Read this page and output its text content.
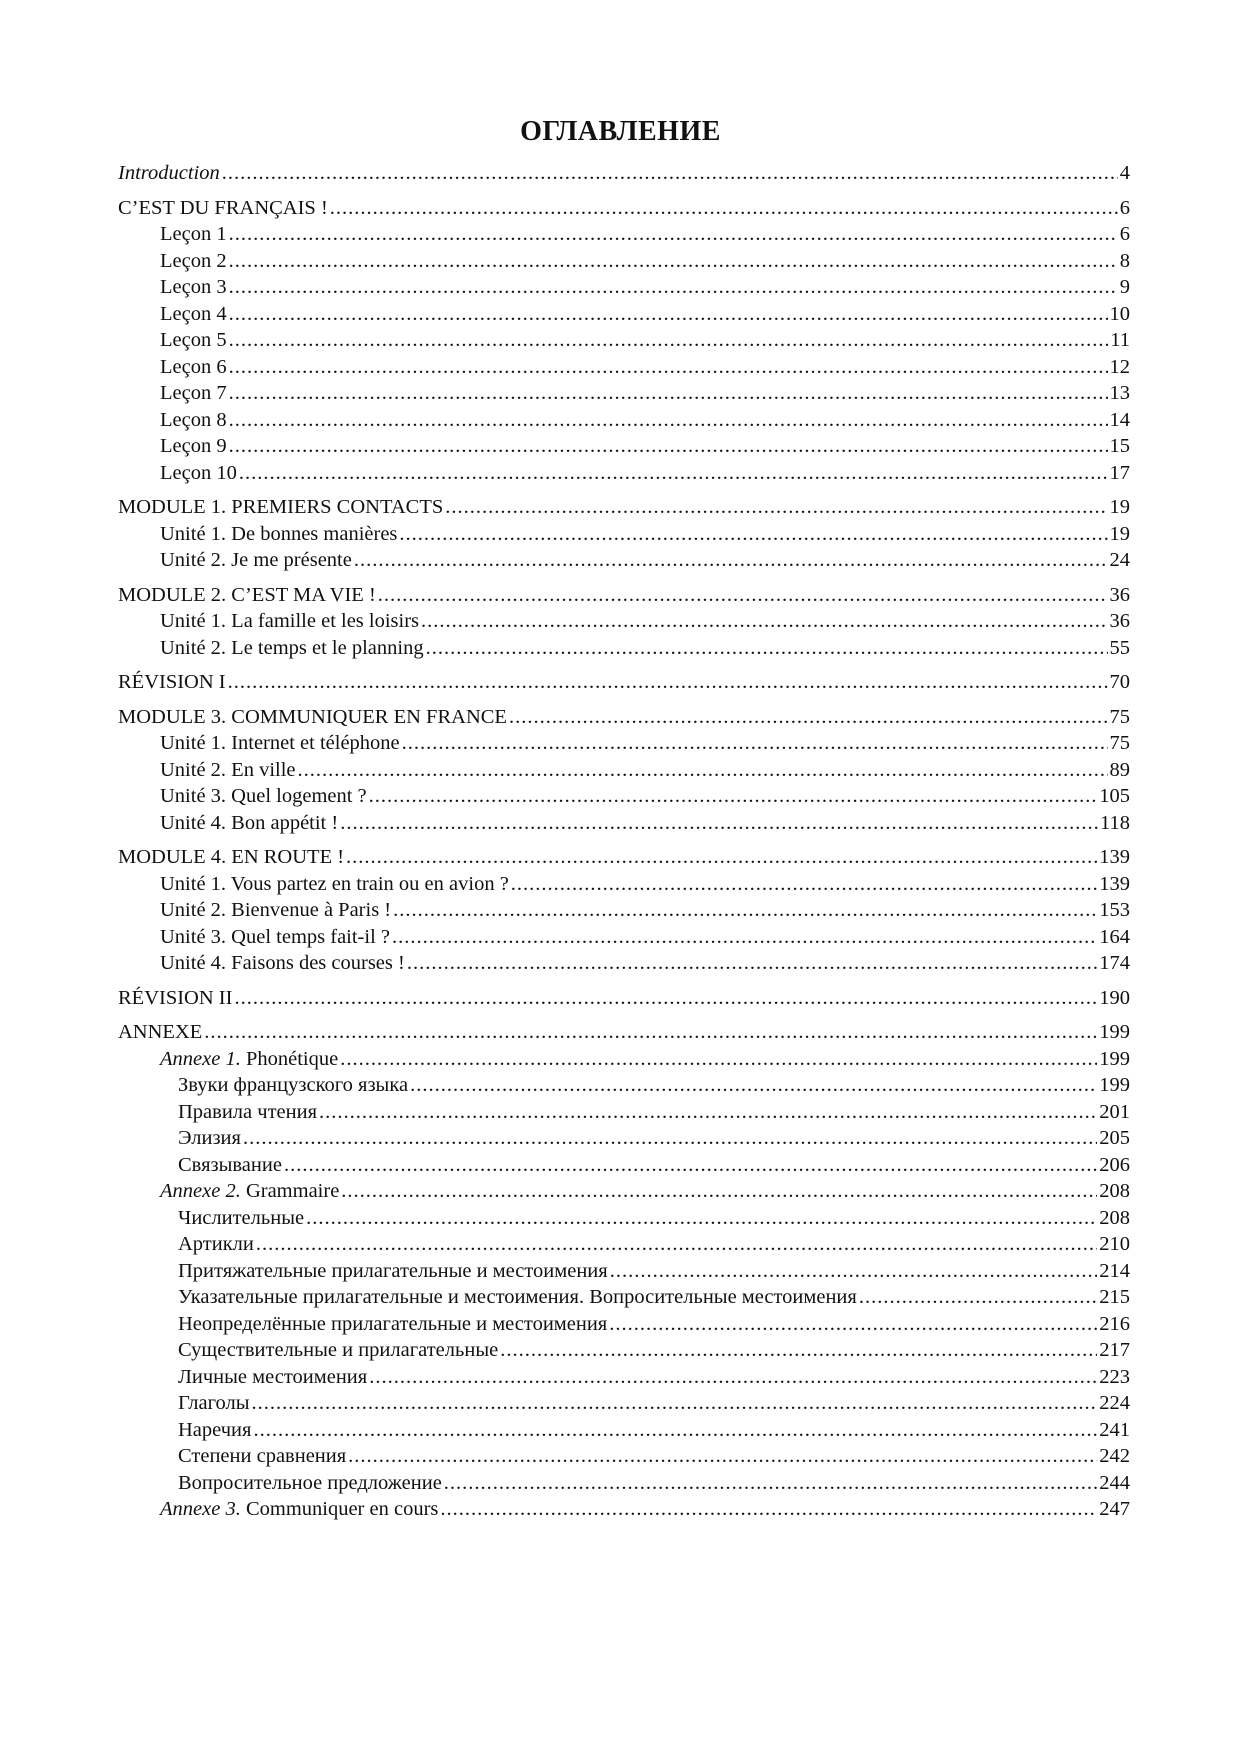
ОГЛАВЛЕНИЕ
Introduction .....	4
C’EST DU FRANÇAIS ! .....	6
Leçon 1 .....	6
Leçon 2 .....	8
Leçon 3 .....	9
Leçon 4 .....	10
Leçon 5 .....	11
Leçon 6 .....	12
Leçon 7 .....	13
Leçon 8 .....	14
Leçon 9 .....	15
Leçon 10 .....	17
MODULE 1. PREMIERS CONTACTS .....	19
Unité 1. De bonnes manières .....	19
Unité 2. Je me présente .....	24
MODULE 2. C’EST MA VIE ! .....	36
Unité 1. La famille et les loisirs .....	36
Unité 2. Le temps et le planning .....	55
RÉVISION I .....	70
MODULE 3. COMMUNIQUER EN FRANCE .....	75
Unité 1. Internet et téléphone .....	75
Unité 2. En ville .....	89
Unité 3. Quel logement ? .....	105
Unité 4. Bon appétit ! .....	118
MODULE 4. EN ROUTE ! .....	139
Unité 1. Vous partez en train ou en avion ? .....	139
Unité 2. Bienvenue à Paris ! .....	153
Unité 3. Quel temps fait-il ? .....	164
Unité 4. Faisons des courses ! .....	174
RÉVISION II .....	190
ANNEXE .....	199
Annexe 1. Phonétique .....	199
Звуки французского языка .....	199
Правила чтения .....	201
Элизия .....	205
Связывание .....	206
Annexe 2. Grammaire .....	208
Числительные .....	208
Артикли .....	210
Притяжательные прилагательные и местоимения .....	214
Указательные прилагательные и местоимения. Вопросительные местоимения .....	215
Неопределённые прилагательные и местоимения .....	216
Существительные и прилагательные .....	217
Личные местоимения .....	223
Глаголы .....	224
Наречия .....	241
Степени сравнения .....	242
Вопросительное предложение .....	244
Annexe 3. Communiquer en cours .....	247
